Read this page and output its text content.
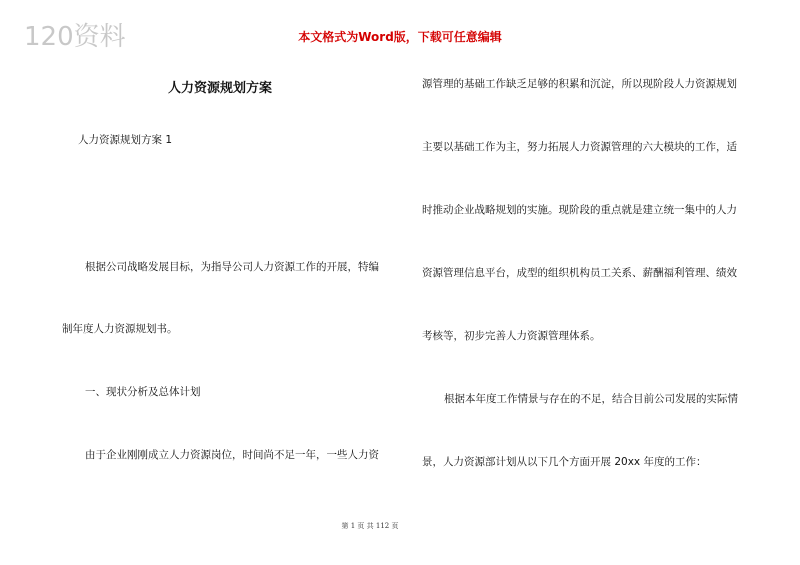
120资料	本文格式为Word版，下载可任意编辑
人力资源规划方案
人力资源规划方案 1
根据公司战略发展目标，为指导公司人力资源工作的开展，特编
制年度人力资源规划书。
一、现状分析及总体计划
由于企业刚刚成立人力资源岗位，时间尚不足一年，一些人力资
源管理的基础工作缺乏足够的积累和沉淀，所以现阶段人力资源规划
主要以基础工作为主，努力拓展人力资源管理的六大模块的工作，适
时推动企业战略规划的实施。现阶段的重点就是建立统一集中的人力
资源管理信息平台，成型的组织机构员工关系、薪酬福利管理、绩效
考核等，初步完善人力资源管理体系。
根据本年度工作情景与存在的不足，结合目前公司发展的实际情
景，人力资源部计划从以下几个方面开展 20xx 年度的工作：
第 1 页 共 112 页
